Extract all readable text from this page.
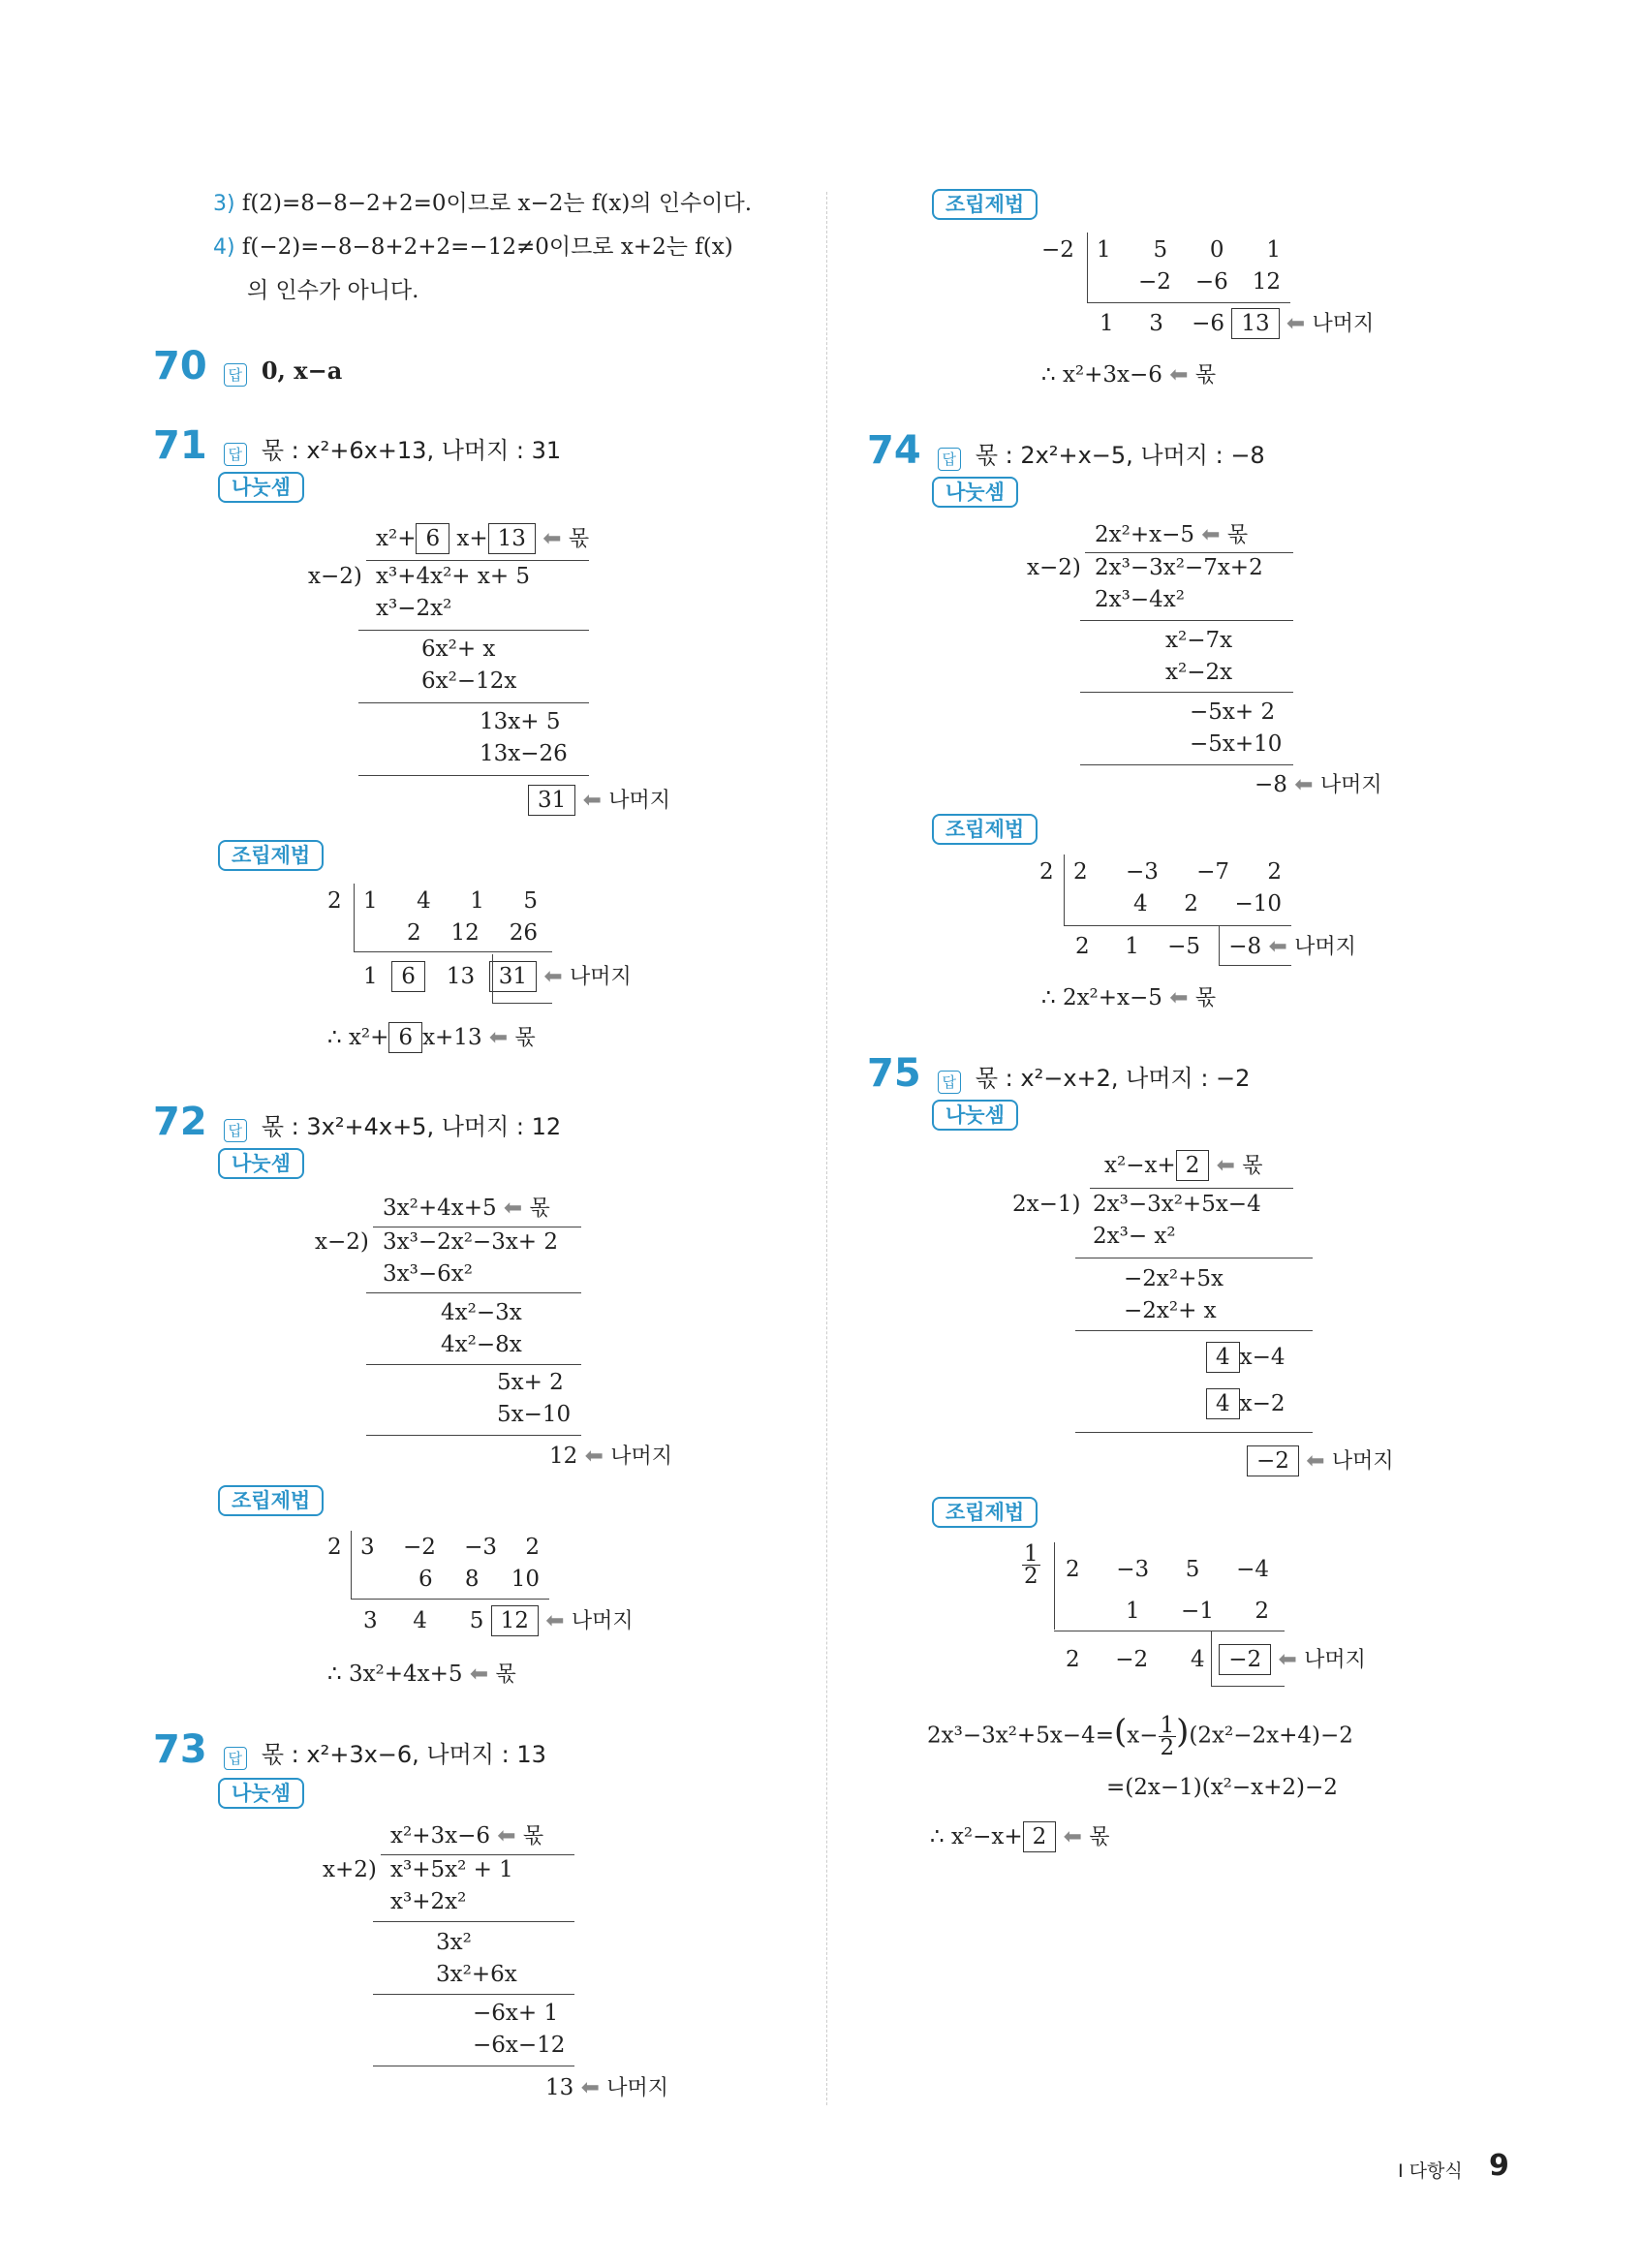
3) f(2)=8−8−2+2=0이므로 x−2는 f(x)의 인수이다.
4) f(−2)=−8−8+2+2=−12≠0이므로 x+2는 f(x)
의 인수가 아니다.
70 답 0, x−a
71 답 몫 : x²+6x+13, 나머지 : 31
나눗셈
x²+ 6 x+ 13 ⬅ 몫
x−2) x³+4x²+ x+ 5
x³−2x²
6x²+ x
6x²−12x
13x+ 5
13x−26
31 ⬅ 나머지
조립제법
2 1 4 1 5
2 12 26
1 6 13 31 ⬅ 나머지
∴ x²+ 6 x+13 ⬅ 몫
72 답 몫 : 3x²+4x+5, 나머지 : 12
나눗셈
3x²+4x+5 ⬅ 몫
x−2) 3x³−2x²−3x+ 2
3x³−6x²
4x²−3x
4x²−8x
5x+ 2
5x−10
12 ⬅ 나머지
조립제법
2 3 −2 −3 2
6 8 10
3 4 5 12 ⬅ 나머지
∴ 3x²+4x+5 ⬅ 몫
73 답 몫 : x²+3x−6, 나머지 : 13
나눗셈
x²+3x−6 ⬅ 몫
x+2) x³+5x² + 1
x³+2x²
3x²
3x²+6x
−6x+ 1
−6x−12
13 ⬅ 나머지
조립제법
−2 1 5 0 1
−2 −6 12
1 3 −6 13 ⬅ 나머지
∴ x²+3x−6 ⬅ 몫
74 답 몫 : 2x²+x−5, 나머지 : −8
나눗셈
2x²+x−5 ⬅ 몫
x−2) 2x³−3x²−7x+2
2x³−4x²
x²−7x
x²−2x
−5x+ 2
−5x+10
−8 ⬅ 나머지
조립제법
2 2 −3 −7 2
4 2 −10
2 1 −5 −8 ⬅ 나머지
∴ 2x²+x−5 ⬅ 몫
75 답 몫 : x²−x+2, 나머지 : −2
나눗셈
x²−x+ 2 ⬅ 몫
2x−1) 2x³−3x²+5x−4
2x³− x²
−2x²+5x
−2x²+ x
4 x−4
4 x−2
−2 ⬅ 나머지
조립제법
$\frac{1}{2} 2 -3$ 5 −4
1 −1 2
2 −2 4 −2 ⬅ 나머지
$2x^3-3x^2+5x-4=(x- \frac{1}{2} )(2x^2-2x+4)-2$
=(2x−1)(x²−x+2)−2
∴ x²−x+ 2 ⬅ 몫
I 다항식 9
